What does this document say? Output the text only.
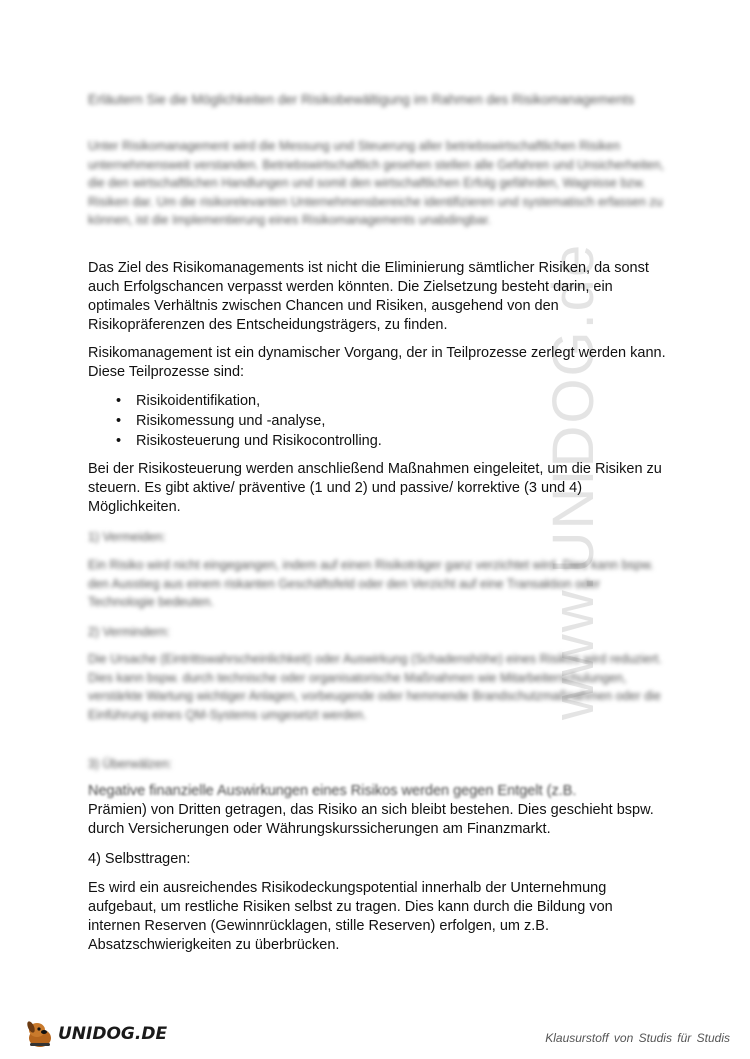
www.UNIDOG.de

Erläutern Sie die Möglichkeiten der Risikobewältigung im Rahmen des Risikomanagements

Unter Risikomanagement wird die Messung und Steuerung aller betriebswirtschaftlichen Risiken unternehmensweit verstanden. Betriebswirtschaftlich gesehen stellen alle Gefahren und Unsicherheiten, die den wirtschaftlichen Handlungen und somit den wirtschaftlichen Erfolg gefährden, Wagnisse bzw. Risiken dar. Um die risikorelevanten Unternehmensbereiche identifizieren und systematisch erfassen zu können, ist die Implementierung eines Risikomanagements unabdingbar.

Das Ziel des Risikomanagements ist nicht die Eliminierung sämtlicher Risiken, da sonst auch Erfolgschancen verpasst werden könnten. Die Zielsetzung besteht darin, ein optimales Verhältnis zwischen Chancen und Risiken, ausgehend von den Risikopräferenzen des Entscheidungsträgers, zu finden.

Risikomanagement ist ein dynamischer Vorgang, der in Teilprozesse zerlegt werden kann. Diese Teilprozesse sind:

• Risikoidentifikation,
• Risikomessung und -analyse,
• Risikosteuerung und Risikocontrolling.

Bei der Risikosteuerung werden anschließend Maßnahmen eingeleitet, um die Risiken zu steuern. Es gibt aktive/ präventive (1 und 2) und passive/ korrektive (3 und 4) Möglichkeiten.

1) Vermeiden:

Ein Risiko wird nicht eingegangen, indem auf einen Risikoträger ganz verzichtet wird. Dies kann bspw. den Ausstieg aus einem riskanten Geschäftsfeld oder den Verzicht auf eine Transaktion oder Technologie bedeuten.

2) Vermindern:

Die Ursache (Eintrittswahrscheinlichkeit) oder Auswirkung (Schadenshöhe) eines Risikos wird reduziert. Dies kann bspw. durch technische oder organisatorische Maßnahmen wie Mitarbeiterschulungen, verstärkte Wartung wichtiger Anlagen, vorbeugende oder hemmende Brandschutzmaßnahmen oder die Einführung eines QM-Systems umgesetzt werden.

3) Überwälzen:

Negative finanzielle Auswirkungen eines Risikos werden gegen Entgelt (z.B.

Prämien) von Dritten getragen, das Risiko an sich bleibt bestehen. Dies geschieht bspw. durch Versicherungen oder Währungskurssicherungen am Finanzmarkt.

4) Selbsttragen:

Es wird ein ausreichendes Risikodeckungspotential innerhalb der Unternehmung aufgebaut, um restliche Risiken selbst zu tragen. Dies kann durch die Bildung von internen Reserven (Gewinnrücklagen, stille Reserven) erfolgen, um z.B. Absatzschwierigkeiten zu überbrücken.

UNIDOG.DE	Klausurstoff von Studis für Studis
